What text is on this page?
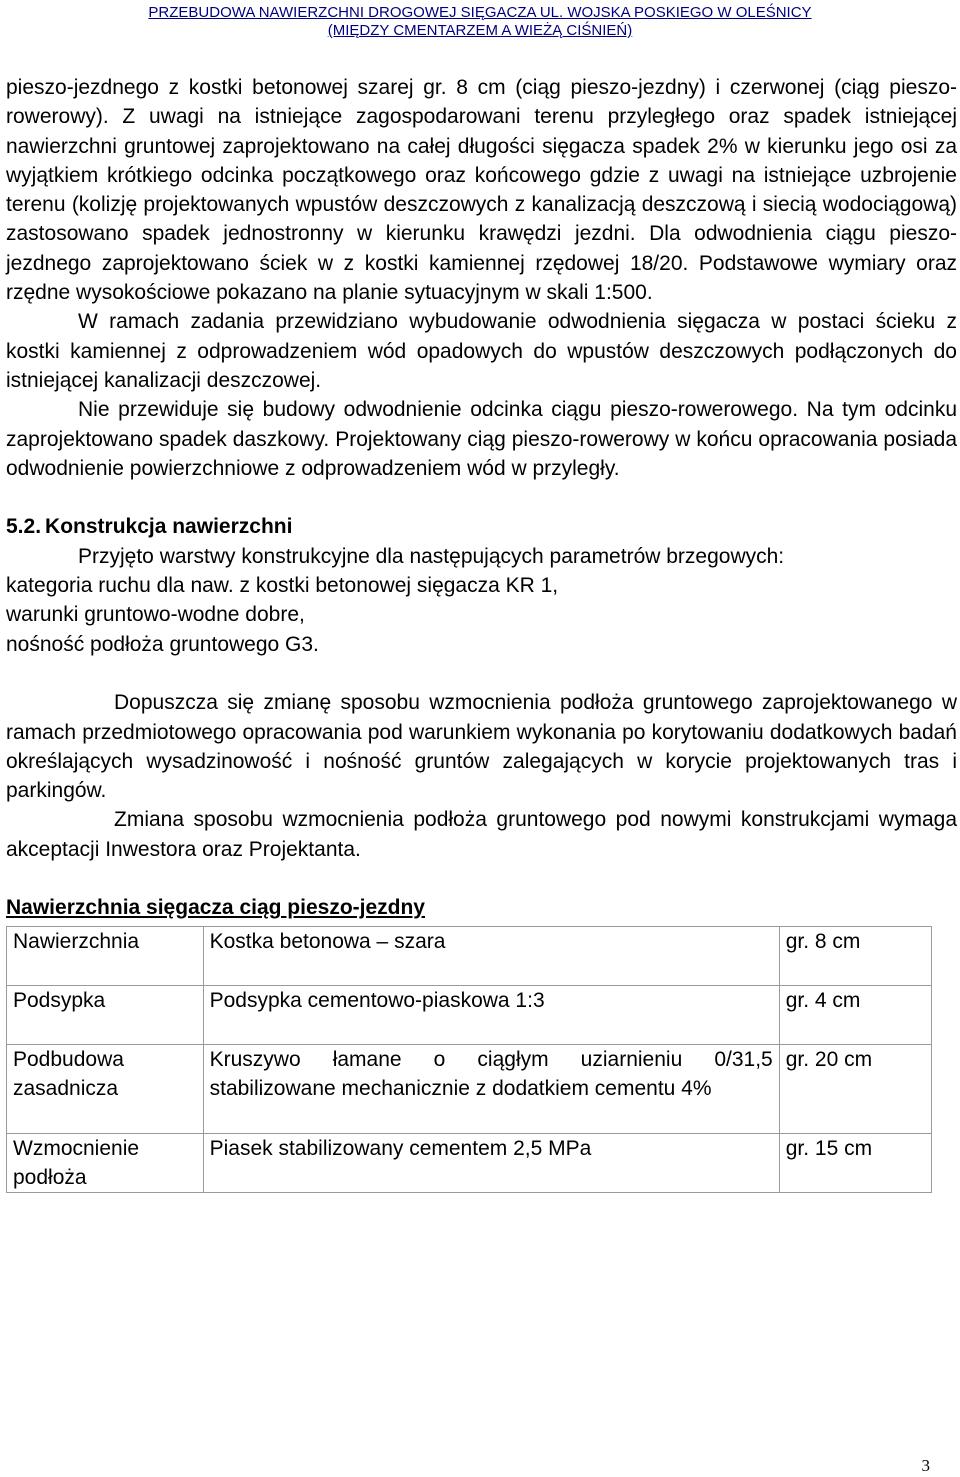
PRZEBUDOWA NAWIERZCHNI DROGOWEJ SIĘGACZA UL. WOJSKA POSKIEGO W OLEŚNICY
(MIĘDZY CMENTARZEM A WIEŻĄ CIŚNIEŃ)

pieszo-jezdnego z kostki betonowej szarej gr. 8 cm (ciąg pieszo-jezdny) i czerwonej (ciąg pieszo-rowerowy). Z uwagi na istniejące zagospodarowani terenu przyległego oraz spadek istniejącej nawierzchni gruntowej zaprojektowano na całej długości sięgacza spadek 2% w kierunku jego osi za wyjątkiem krótkiego odcinka początkowego oraz końcowego gdzie z uwagi na istniejące uzbrojenie terenu (kolizję projektowanych wpustów deszczowych z kanalizacją deszczową i siecią wodociągową) zastosowano spadek jednostronny w kierunku krawędzi jezdni. Dla odwodnienia ciągu pieszo-jezdnego zaprojektowano ściek w z kostki kamiennej rzędowej 18/20. Podstawowe wymiary oraz rzędne wysokościowe pokazano na planie sytuacyjnym w skali 1:500.

W ramach zadania przewidziano wybudowanie odwodnienia sięgacza w postaci ścieku z kostki kamiennej z odprowadzeniem wód opadowych do wpustów deszczowych podłączonych do istniejącej kanalizacji deszczowej.

Nie przewiduje się budowy odwodnienie odcinka ciągu pieszo-rowerowego. Na tym odcinku zaprojektowano spadek daszkowy. Projektowany ciąg pieszo-rowerowy w końcu opracowania posiada odwodnienie powierzchniowe z odprowadzeniem wód w przyległy.

5.2. Konstrukcja nawierzchni

Przyjęto warstwy konstrukcyjne dla następujących parametrów brzegowych:

kategoria ruchu dla naw. z kostki betonowej sięgacza KR 1,

warunki gruntowo-wodne dobre,

nośność podłoża gruntowego G3.

Dopuszcza się zmianę sposobu wzmocnienia podłoża gruntowego zaprojektowanego w ramach przedmiotowego opracowania pod warunkiem wykonania po korytowaniu dodatkowych badań określających wysadzinowość i nośność gruntów zalegających w korycie projektowanych tras i parkingów.

Zmiana sposobu wzmocnienia podłoża gruntowego pod nowymi konstrukcjami wymaga akceptacji Inwestora oraz Projektanta.

Nawierzchnia sięgacza ciąg pieszo-jezdny

Nawierzchnia	Kostka betonowa – szara	gr. 8 cm
Podsypka	Podsypka cementowo-piaskowa 1:3	gr. 4 cm
Podbudowa zasadnicza	Kruszywo łamane o ciągłym uziarnieniu 0/31,5 stabilizowane mechanicznie z dodatkiem cementu 4%	gr. 20 cm
Wzmocnienie podłoża	Piasek stabilizowany cementem 2,5 MPa	gr. 15 cm
3
